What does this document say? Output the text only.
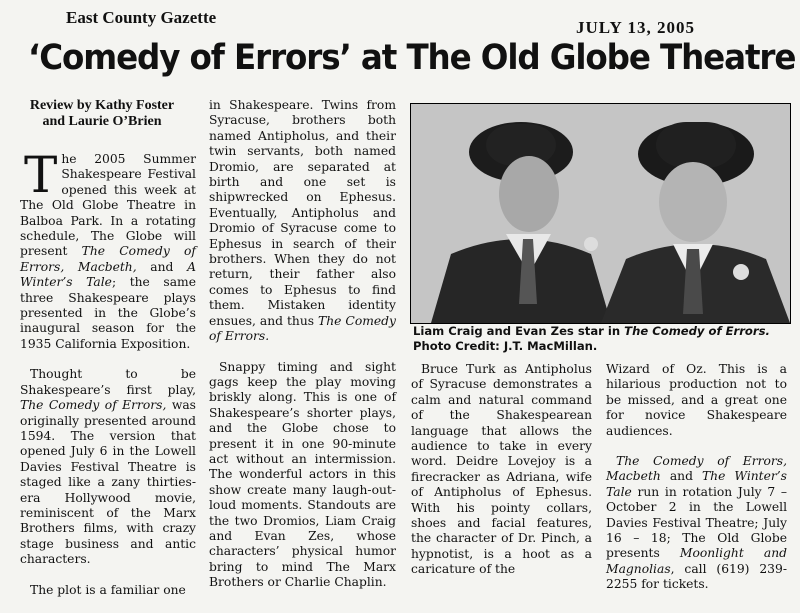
East County Gazette
JULY 13, 2005
‘Comedy of Errors’ at The Old Globe Theatre
Review by Kathy Foster
and Laurie O’Brien

The 2005 Summer Shakespeare Festival opened this week at The Old Globe Theatre in Balboa Park. In a rotating schedule, The Globe will present The Comedy of Errors, Macbeth, and A Winter’s Tale; the same three Shakespeare plays presented in the Globe’s inaugural season for the 1935 California Exposition.

Thought to be Shakespeare’s first play, The Comedy of Errors, was originally presented around 1594. The version that opened July 6 in the Lowell Davies Festival Theatre is staged like a zany thirties-era Hollywood movie, reminiscent of the Marx Brothers films, with crazy stage business and antic characters.

The plot is a familiar one

in Shakespeare. Twins from Syracuse, brothers both named Antipholus, and their twin servants, both named Dromio, are separated at birth and one set is shipwrecked on Ephesus. Eventually, Antipholus and Dromio of Syracuse come to Ephesus in search of their brothers. When they do not return, their father also comes to Ephesus to find them. Mistaken identity ensues, and thus The Comedy of Errors.

Snappy timing and sight gags keep the play moving briskly along. This is one of Shakespeare’s shorter plays, and the Globe chose to present it in one 90-minute act without an intermission. The wonderful actors in this show create many laugh-out-loud moments. Standouts are the two Dromios, Liam Craig and Evan Zes, whose characters’ physical humor bring to mind The Marx Brothers or Charlie Chaplin.

Liam Craig and Evan Zes star in The Comedy of Errors. Photo Credit: J.T. MacMillan.

Bruce Turk as Antipholus of Syracuse demonstrates a calm and natural command of the Shakespearean language that allows the audience to take in every word. Deidre Lovejoy is a firecracker as Adriana, wife of Antipholus of Ephesus. With his pointy collars, shoes and facial features, the character of Dr. Pinch, a hypnotist, is a hoot as a caricature of the

Wizard of Oz. This is a hilarious production not to be missed, and a great one for novice Shakespeare audiences.

The Comedy of Errors, Macbeth and The Winter’s Tale run in rotation July 7 – October 2 in the Lowell Davies Festival Theatre; July 16 – 18; The Old Globe presents Moonlight and Magnolias, call (619) 239-2255 for tickets.
